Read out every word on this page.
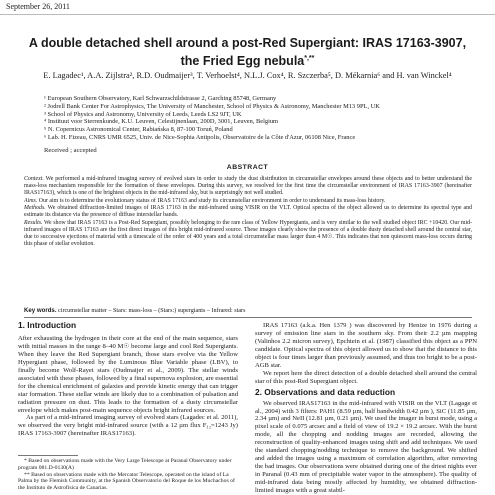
September 26, 2011
A double detached shell around a post-Red Supergiant: IRAS 17163-3907, the Fried Egg nebula*,**
E. Lagadec¹, A.A. Zijlstra², R.D. Oudmaijer³, T. Verhoelst⁴, N.L.J. Cox⁴, R. Szczerba⁵, D. Mékarnia⁶ and H. van Winckel⁴
¹ European Southern Observatory, Karl Schwarzschildstrasse 2, Garching 85748, Germany
² Jodrell Bank Center For Astrophysics, The University of Manchester, School of Physics & Astronomy, Manchester M13 9PL, UK
³ School of Physics and Astronomy, University of Leeds, Leeds LS2 9JT, UK
⁴ Instituut voor Sterrenkunde, K.U. Leuven, Celestijnenlaan, 200D, 3001, Leuven, Belgium
⁵ N. Copernicus Astronomical Center, Rabiańska 8, 87-100 Toruń, Poland
⁶ Lab. H. Fizeau, CNRS UMR 6525, Univ. de Nice-Sophia Antipolis, Observatoire de la Côte d'Azur, 06108 Nice, France
Received ; accepted
ABSTRACT

Context. We performed a mid-infrared imaging survey of evolved stars in order to study the dust distribution in circumstellar envelopes around these objects and to better understand the mass-loss mechanism responsible for the formation of these envelopes. During this survey, we resolved for the first time the circumstellar environment of IRAS 17163-3907 (hereinafter IRAS17163), which is one of the brightest objects in the mid-infrared sky, but is surprisingly not well studied.

Aims. Our aim is to determine the evolutionary status of IRAS 17163 and study its circumstellar environment in order to understand its mass-loss history.

Methods. We obtained diffraction-limited images of IRAS 17163 in the mid-infrared using VISIR on the VLT. Optical spectra of the object allowed us to determine its spectral type and estimate its distance via the presence of diffuse interstellar bands.

Results. We show that IRAS 17163 is a Post-Red Supergiant, possibly belonging to the rare class of Yellow Hypergiants, and is very similar to the well studied object IRC +10420. Our mid-infrared images of IRAS 17163 are the first direct images of this bright mid-infrared source. These images clearly show the presence of a double dusty detached shell around the central star, due to successive ejections of material with a timescale of the order of 400 years and a total circumstellar mass larger than 4 M☉. This indicates that non quiescent mass-loss occurs during this phase of stellar evolution.

Key words. circumstellar matter – Stars: mass-loss – (Stars:) supergiants – Infrared: stars
1. Introduction

After exhausting the hydrogen in their core at the end of the main sequence, stars with initial masses in the range 8–40 M☉ become large and cool Red Supergiants. When they leave the Red Supergiant branch, those stars evolve via the Yellow Hypergiant phase, followed by the Luminous Blue Variable phase (LBV), to finally become Wolf-Rayet stars (Oudmaijer et al., 2009). The stellar winds associated with these phases, followed by a final supernova explosion, are essential for the chemical enrichment of galaxies and provide kinetic energy that can trigger star formation. These stellar winds are likely due to a combination of pulsation and radiation pressure on dust. This leads to the formation of a dusty circumstellar envelope which makes post-main sequence objects bright infrared sources.

As part of a mid-infrared imaging survey of evolved stars (Lagadec et al. 2011), we observed the very bright mid-infrared source (with a 12 µm flux F₁₂=1243 Jy) IRAS 17163-3907 (hereinafter IRAS17163).

* Based on observations made with the Very Large Telescope at Paranal Observatory under program 081.D-0130(A)

** Based on observations made with the Mercator Telescope, operated on the island of La Palma by the Flemish Community, at the Spanish Observatorio del Roque de los Muchachos of the Instituto de Astrofísica de Canarias.

IRAS 17163 (a.k.a. Hen 1379 ) was discovered by Henize in 1976 during a survey of emission line stars in the southern sky. From their 2.2 µm mapping (Valinhos 2.2 micron survey), Epchtein et al. (1987) classified this object as a PPN candidate. Optical spectra of this object allowed us to show that the distance to this object is four times larger than previously assumed, and thus too bright to be a post-AGB star.

We report here the direct detection of a double detached shell around the central star of this post-Red Supergiant object.

2. Observations and data reduction

We observed IRAS17163 in the mid-infrared with VISIR on the VLT (Lagage et al., 2004) with 3 filters: PAH1 (8.59 µm, half bandwidth 0.42 µm ), SiC (11.85 µm, 2.34 µm) and NeII (12.81 µm, 0.21 µm). We used the imager in burst mode, using a pixel scale of 0.075 arcsec and a field of view of 19.2 × 19.2 arcsec. With the burst mode, all the chopping and nodding images are recorded, allowing the reconstruction of quality-enhanced images using shift and add techniques. We used the standard chopping/nodding technique to remove the background. We shifted and added the images using a maximum of correlation algorithm, after removing the bad images. Our observations were obtained during one of the driest nights ever in Paranal (0.43 mm of precipitable water vapor in the atmosphere). The quality of mid-infrared data being mostly affected by humidity, we obtained diffraction-limited images with a great stabil-
